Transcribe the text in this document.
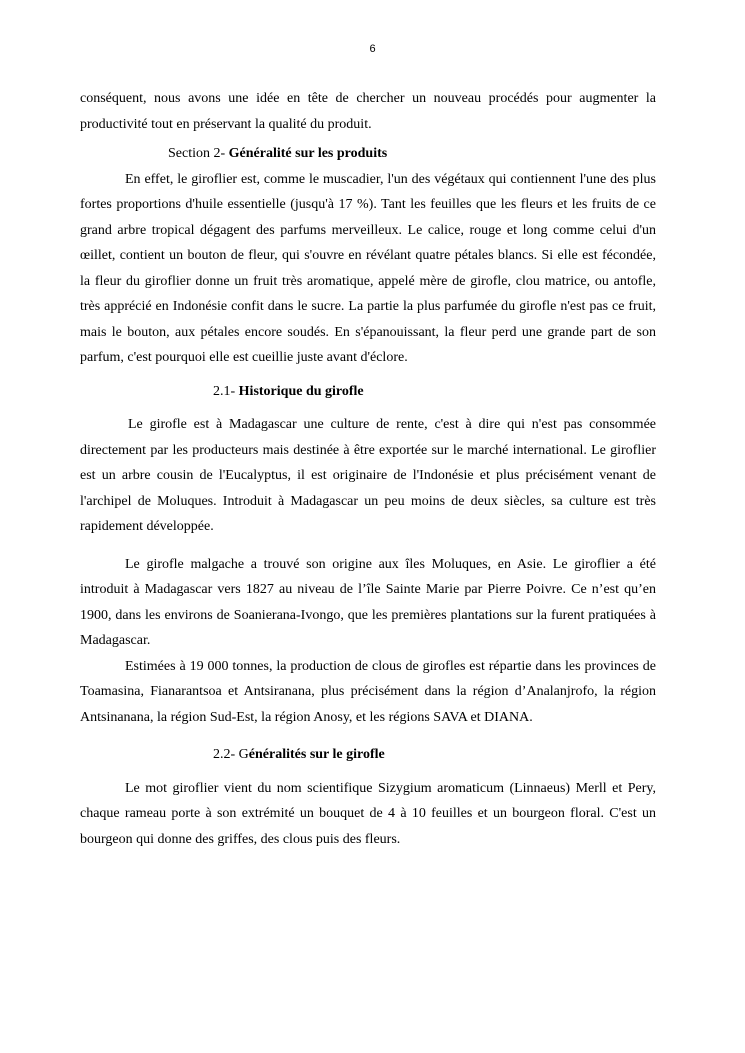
6

conséquent, nous avons une idée en tête de chercher un nouveau procédés pour augmenter la productivité tout en préservant la qualité du produit.

Section 2- Généralité sur les produits

En effet, le giroflier est, comme le muscadier, l'un des végétaux qui contiennent l'une des plus fortes proportions d'huile essentielle (jusqu'à 17 %). Tant les feuilles que les fleurs et les fruits de ce grand arbre tropical dégagent des parfums merveilleux. Le calice, rouge et long comme celui d'un œillet, contient un bouton de fleur, qui s'ouvre en révélant quatre pétales blancs. Si elle est fécondée, la fleur du giroflier donne un fruit très aromatique, appelé mère de girofle, clou matrice, ou antofle, très apprécié en Indonésie confit dans le sucre. La partie la plus parfumée du girofle n'est pas ce fruit, mais le bouton, aux pétales encore soudés. En s'épanouissant, la fleur perd une grande part de son parfum, c'est pourquoi elle est cueillie juste avant d'éclore.

2.1- Historique du girofle

Le girofle est à Madagascar une culture de rente, c'est à dire qui n'est pas consommée directement par les producteurs mais destinée à être exportée sur le marché international. Le giroflier est un arbre cousin de l'Eucalyptus, il est originaire de l'Indonésie et plus précisément venant de l'archipel de Moluques. Introduit à Madagascar un peu moins de deux siècles, sa culture est très rapidement développée.

Le girofle malgache a trouvé son origine aux îles Moluques, en Asie. Le giroflier a été introduit à Madagascar vers 1827 au niveau de l’île Sainte Marie par Pierre Poivre. Ce n’est qu’en 1900, dans les environs de Soanierana-Ivongo, que les premières plantations sur la furent pratiquées à Madagascar.

Estimées à 19 000 tonnes, la production de clous de girofles est répartie dans les provinces de Toamasina, Fianarantsoa et Antsiranana, plus précisément dans la région d’Analanjrofo, la région Antsinanana, la région Sud-Est, la région Anosy, et les régions SAVA et DIANA.

2.2- Généralités sur le girofle

Le mot giroflier vient du nom scientifique Sizygium aromaticum (Linnaeus) Merll et Pery, chaque rameau porte à son extrémité un bouquet de 4 à 10 feuilles et un bourgeon floral. C'est un bourgeon qui donne des griffes, des clous puis des fleurs.
